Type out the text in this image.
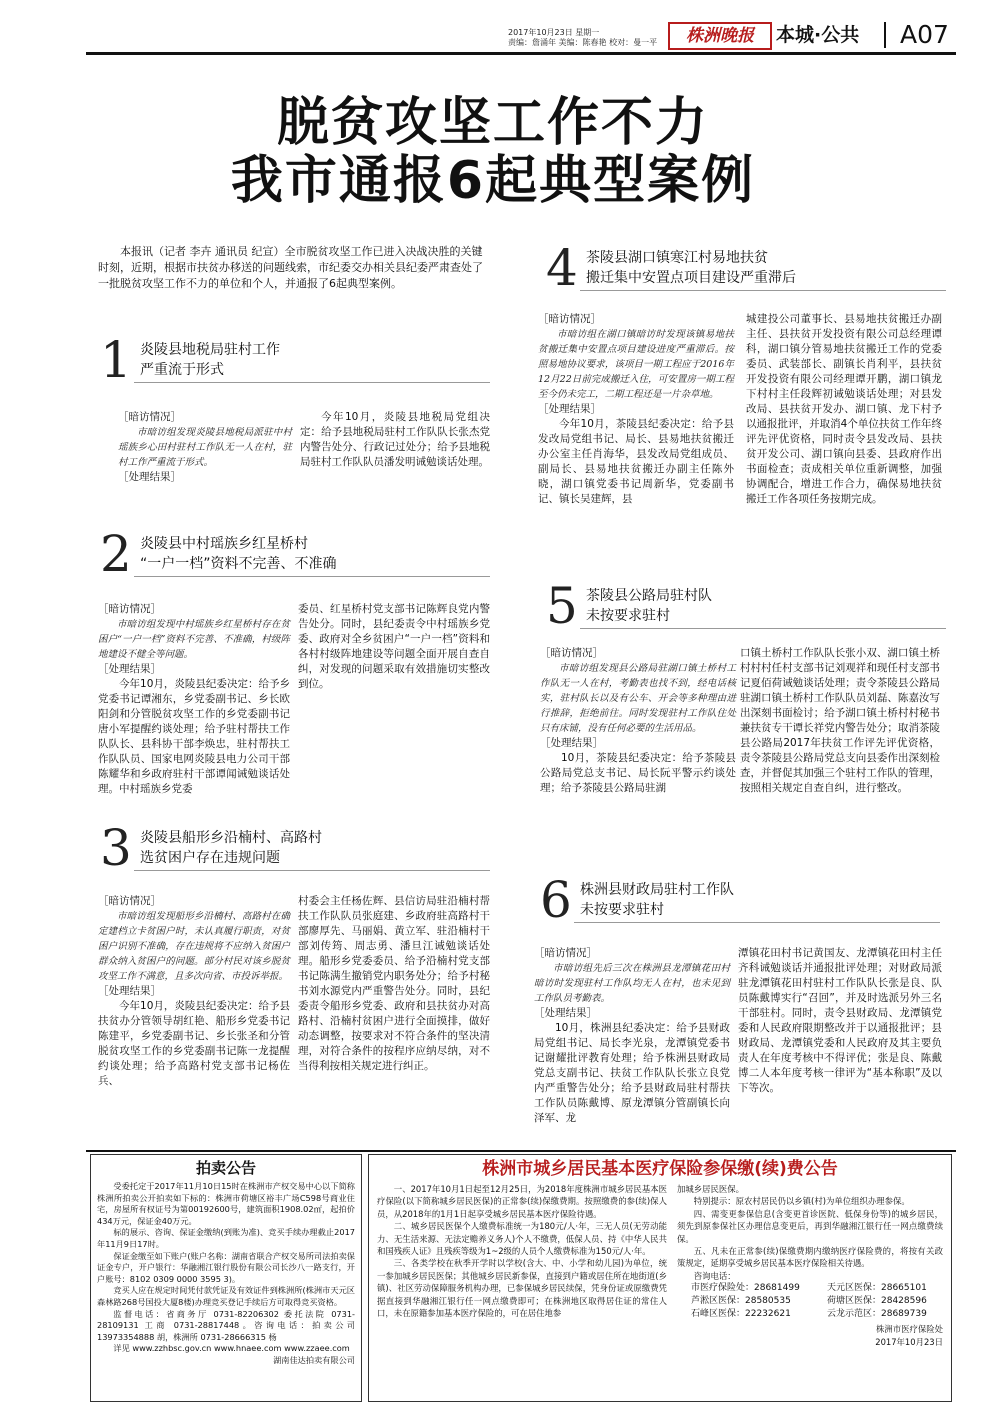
2017年10月23日 星期一
责编：詹涌年 美编：陈春艳 校对：曼一平	株洲晚报	本城·公共 A07
脱贫攻坚工作不力
我市通报6起典型案例
本报讯（记者 李卉 通讯员 纪宣）全市脱贫攻坚工作已进入决战决胜的关键时刻，近期，根据市扶贫办移送的问题线索，市纪委交办相关县纪委严肃查处了一批脱贫攻坚工作不力的单位和个人，并通报了6起典型案例。
1 炎陵县地税局驻村工作
严重流于形式
［暗访情况］

市暗访组发现炎陵县地税局派驻中村瑶族乡心田村驻村工作队无一人在村，驻村工作严重流于形式。

［处理结果］

今年10月，炎陵县地税局党组决定：给予县地税局驻村工作队队长张杰党内警告处分、行政记过处分；给予县地税局驻村工作队队员潘发明诫勉谈话处理。

2 炎陵县中村瑶族乡红星桥村
“一户一档”资料不完善、不准确
［暗访情况］

市暗访组发现中村瑶族乡红星桥村存在贫困户“一户一档”资料不完善、不准确，村级阵地建设不健全等问题。

［处理结果］

今年10月，炎陵县纪委决定：给予乡党委书记谭湘东，乡党委副书记、乡长欧阳剑和分管脱贫攻坚工作的乡党委副书记唐小军提醒约谈处理；给予驻村帮扶工作队队长、县科协干部李焕忠，驻村帮扶工作队队员、国家电网炎陵县电力公司干部陈耀华和乡政府驻村干部谭闻诫勉谈话处理。中村瑶族乡党委

委员、红星桥村党支部书记陈辉良党内警告处分。同时，县纪委责令中村瑶族乡党委、政府对全乡贫困户“一户一档”资料和各村村级阵地建设等问题全面开展自查自纠，对发现的问题采取有效措施切实整改到位。

3 炎陵县船形乡沿楠村、高路村
选贫困户存在违规问题
［暗访情况］

市暗访组发现船形乡沿楠村、高路村在确定建档立卡贫困户时，未认真履行职责，对贫困户识别不准确，存在违规将不应纳入贫困户群众纳入贫困户的问题。部分村民对该乡脱贫攻坚工作不满意，且多次向省、市投诉举报。

［处理结果］

今年10月，炎陵县纪委决定：给予县扶贫办分管领导胡红艳、船形乡党委书记陈建平，乡党委副书记、乡长张圣和分管脱贫攻坚工作的乡党委副书记陈一龙提醒约谈处理；给予高路村党支部书记杨佐兵、

村委会主任杨佐辉、县信访局驻沿楠村帮扶工作队队员张庭建、乡政府驻高路村干部廖厚先、马丽娟、黄立军、驻沿楠村干部刘传筠、周志勇、潘旦江诫勉谈话处理。船形乡党委委员、给予沿楠村党支部书记陈满生撤销党内职务处分；给予村秘书刘水源党内严重警告处分。同时，县纪委责令船形乡党委、政府和县扶贫办对高路村、沿楠村贫困户进行全面摸排，做好动态调整，按要求对不符合条件的坚决清理，对符合条件的按程序应纳尽纳，对不当得利按相关规定进行纠正。

4 茶陵县湖口镇寒江村易地扶贫
搬迁集中安置点项目建设严重滞后
［暗访情况］

市暗访组在湖口镇暗访时发现该镇易地扶贫搬迁集中安置点项目建设进度严重滞后。按照易地协议要求，该项目一期工程应于2016年12月22日前完成搬迁入住，可安置房一期工程至今仍未完工，二期工程还是一片杂草地。

［处理结果］

今年10月，茶陵县纪委决定：给予县发改局党组书记、局长、县易地扶贫搬迁办公室主任肖海华，县发改局党组成员、副局长、县易地扶贫搬迁办副主任陈外晓，湖口镇党委书记周新华，党委副书记、镇长吴建辉，县

城建投公司董事长、县易地扶贫搬迁办副主任、县扶贫开发投资有限公司总经理谭科，湖口镇分管易地扶贫搬迁工作的党委委员、武装部长、副镇长肖利平，县扶贫开发投资有限公司经理谭开鹏，湖口镇龙下村村主任段辉初诫勉谈话处理；对县发改局、县扶贫开发办、湖口镇、龙下村予以通报批评，并取消4个单位扶贫工作年终评先评优资格，同时责令县发改局、县扶贫开发公司、湖口镇向县委、县政府作出书面检查；责成相关单位重新调整，加强协调配合，增进工作合力，确保易地扶贫搬迁工作各项任务按期完成。

5 茶陵县公路局驻村队
未按要求驻村
［暗访情况］

市暗访组发现县公路局驻湖口镇土桥村工作队无一人在村，考勤表也找不到，经电话核实，驻村队长以及有公车、开会等多种理由进行推辞，拒绝前往。同时发现驻村工作队住处只有床铺，没有任何必要的生活用品。

［处理结果］

10月，茶陵县纪委决定：给予茶陵县公路局党总支书记、局长阮平警示约谈处理；给予茶陵县公路局驻湖

口镇土桥村工作队队长张小双、湖口镇土桥村村村任村支部书记刘观祥和现任村支部书记夏佰荷诫勉谈话处理；责令茶陵县公路局驻湖口镇土桥村工作队队员刘磊、陈嘉汝写出深刻书面检讨；给予湖口镇土桥村村秘书兼扶贫专干谭长祥党内警告处分；取消茶陵县公路局2017年扶贫工作评先评优资格，责令茶陵县公路局党总支向县委作出深刻检查，并督促其加强三个驻村工作队的管理，按照相关规定自查自纠，进行整改。

6 株洲县财政局驻村工作队
未按要求驻村
［暗访情况］

市暗访组先后三次在株洲县龙潭镇花田村暗访时发现驻村工作队均无人在村，也未见到工作队员考勤表。

［处理结果］

10月，株洲县纪委决定：给予县财政局党组书记、局长李光泉，龙潭镇党委书记谢耀批评教育处理；给予株洲县财政局党总支副书记、扶贫工作队队长张立良党内严重警告处分；给予县财政局驻村帮扶工作队员陈戴博、原龙潭镇分管副镇长向泽军、龙

潭镇花田村书记黄国友、龙潭镇花田村主任齐科诫勉谈话并通报批评处理；对财政局派驻龙潭镇花田村驻村工作队队长张是良、队员陈戴博实行“召回”，并及时选派另外三名干部驻村。同时，责令县财政局、龙潭镇党委和人民政府限期整改并于以通报批评；县财政局、龙潭镇党委和人民政府及其主要负责人在年度考核中不得评优；张是良、陈戴博二人本年度考核一律评为“基本称职”及以下等次。

拍卖公告

受委托定于2017年11月10日15时在株洲市产权交易中心以下简称株洲所拍卖公开拍卖如下标的：株洲市荷塘区裕丰广场C598号商业住宅，房屋所有权证号为第00192600号，建筑面积1908.02㎡，起拍价434万元，保证金40万元。

标的展示、咨询、保证金缴纳(到账为准)、竞买手续办理截止2017年11月9日17时。

保证金缴至如下账户(账户名称：湖南省联合产权交易所司法拍卖保证金专户，开户银行：华融湘江银行股份有限公司长沙八一路支行，开户账号：8102 0309 0000 3595 3)。

竞买人应在规定时间凭付款凭证及有效证件到株洲所(株洲市天元区森林路268号国投大厦8楼)办理竞买登记手续后方可取得竞买资格。

监督电话：省商务厅 0731-82206302 委托法院 0731-28109131 工商 0731-28817448。咨询电话：拍卖公司13973354888 胡，株洲所 0731-28666315 杨

详见 www.zzhbsc.gov.cn www.hnaee.com www.zzaee.com

湖南佳达拍卖有限公司

株洲市城乡居民基本医疗保险参保缴(续)费公告

一、2017年10月1日起至12月25日，为2018年度株洲市城乡居民基本医疗保险(以下简称城乡居民医保)的正常参(续)保缴费期。按照缴费的参(续)保人员，从2018年的1月1日起享受城乡居民基本医疗保险待遇。

二、城乡居民医保个人缴费标准统一为180元/人·年，三无人员(无劳动能力、无生活来源、无法定赡养义务人)个人不缴费，低保人员、持《中华人民共和国残疾人证》且残疾等级为1~2级的人员个人缴费标准为150元/人·年。

三、各类学校在秋季开学时以学校(含大、中、小学和幼儿园)为单位，统一参加城乡居民医保；其他城乡居民新参保，直接到户籍或居住所在地街道(乡镇)、社区劳动保障服务机构办理，已参保城乡居民续保，凭身份证或原缴费凭据直接到华融湘江银行任一网点缴费即可；在株洲地区取得居住证的常住人口，未在原籍参加基本医疗保险的，可在居住地参

加城乡居民医保。

特别提示：原农村居民仍以乡镇(村)为单位组织办理参保。

四、需变更参保信息(含变更首诊医院、低保身份等)的城乡居民，须先到原参保社区办理信息变更后，再到华融湘江银行任一网点缴费续保。

五、凡未在正常参(续)保缴费期内缴纳医疗保险费的，将按有关政策规定，延期享受城乡居民基本医疗保险相关待遇。

咨询电话：

市医疗保险处：28681499	天元区医保：28665101
芦淞区医保：28580535	荷塘区医保：28428596
石峰区医保：22232621	云龙示范区：28689739

株洲市医疗保险处

2017年10月23日
